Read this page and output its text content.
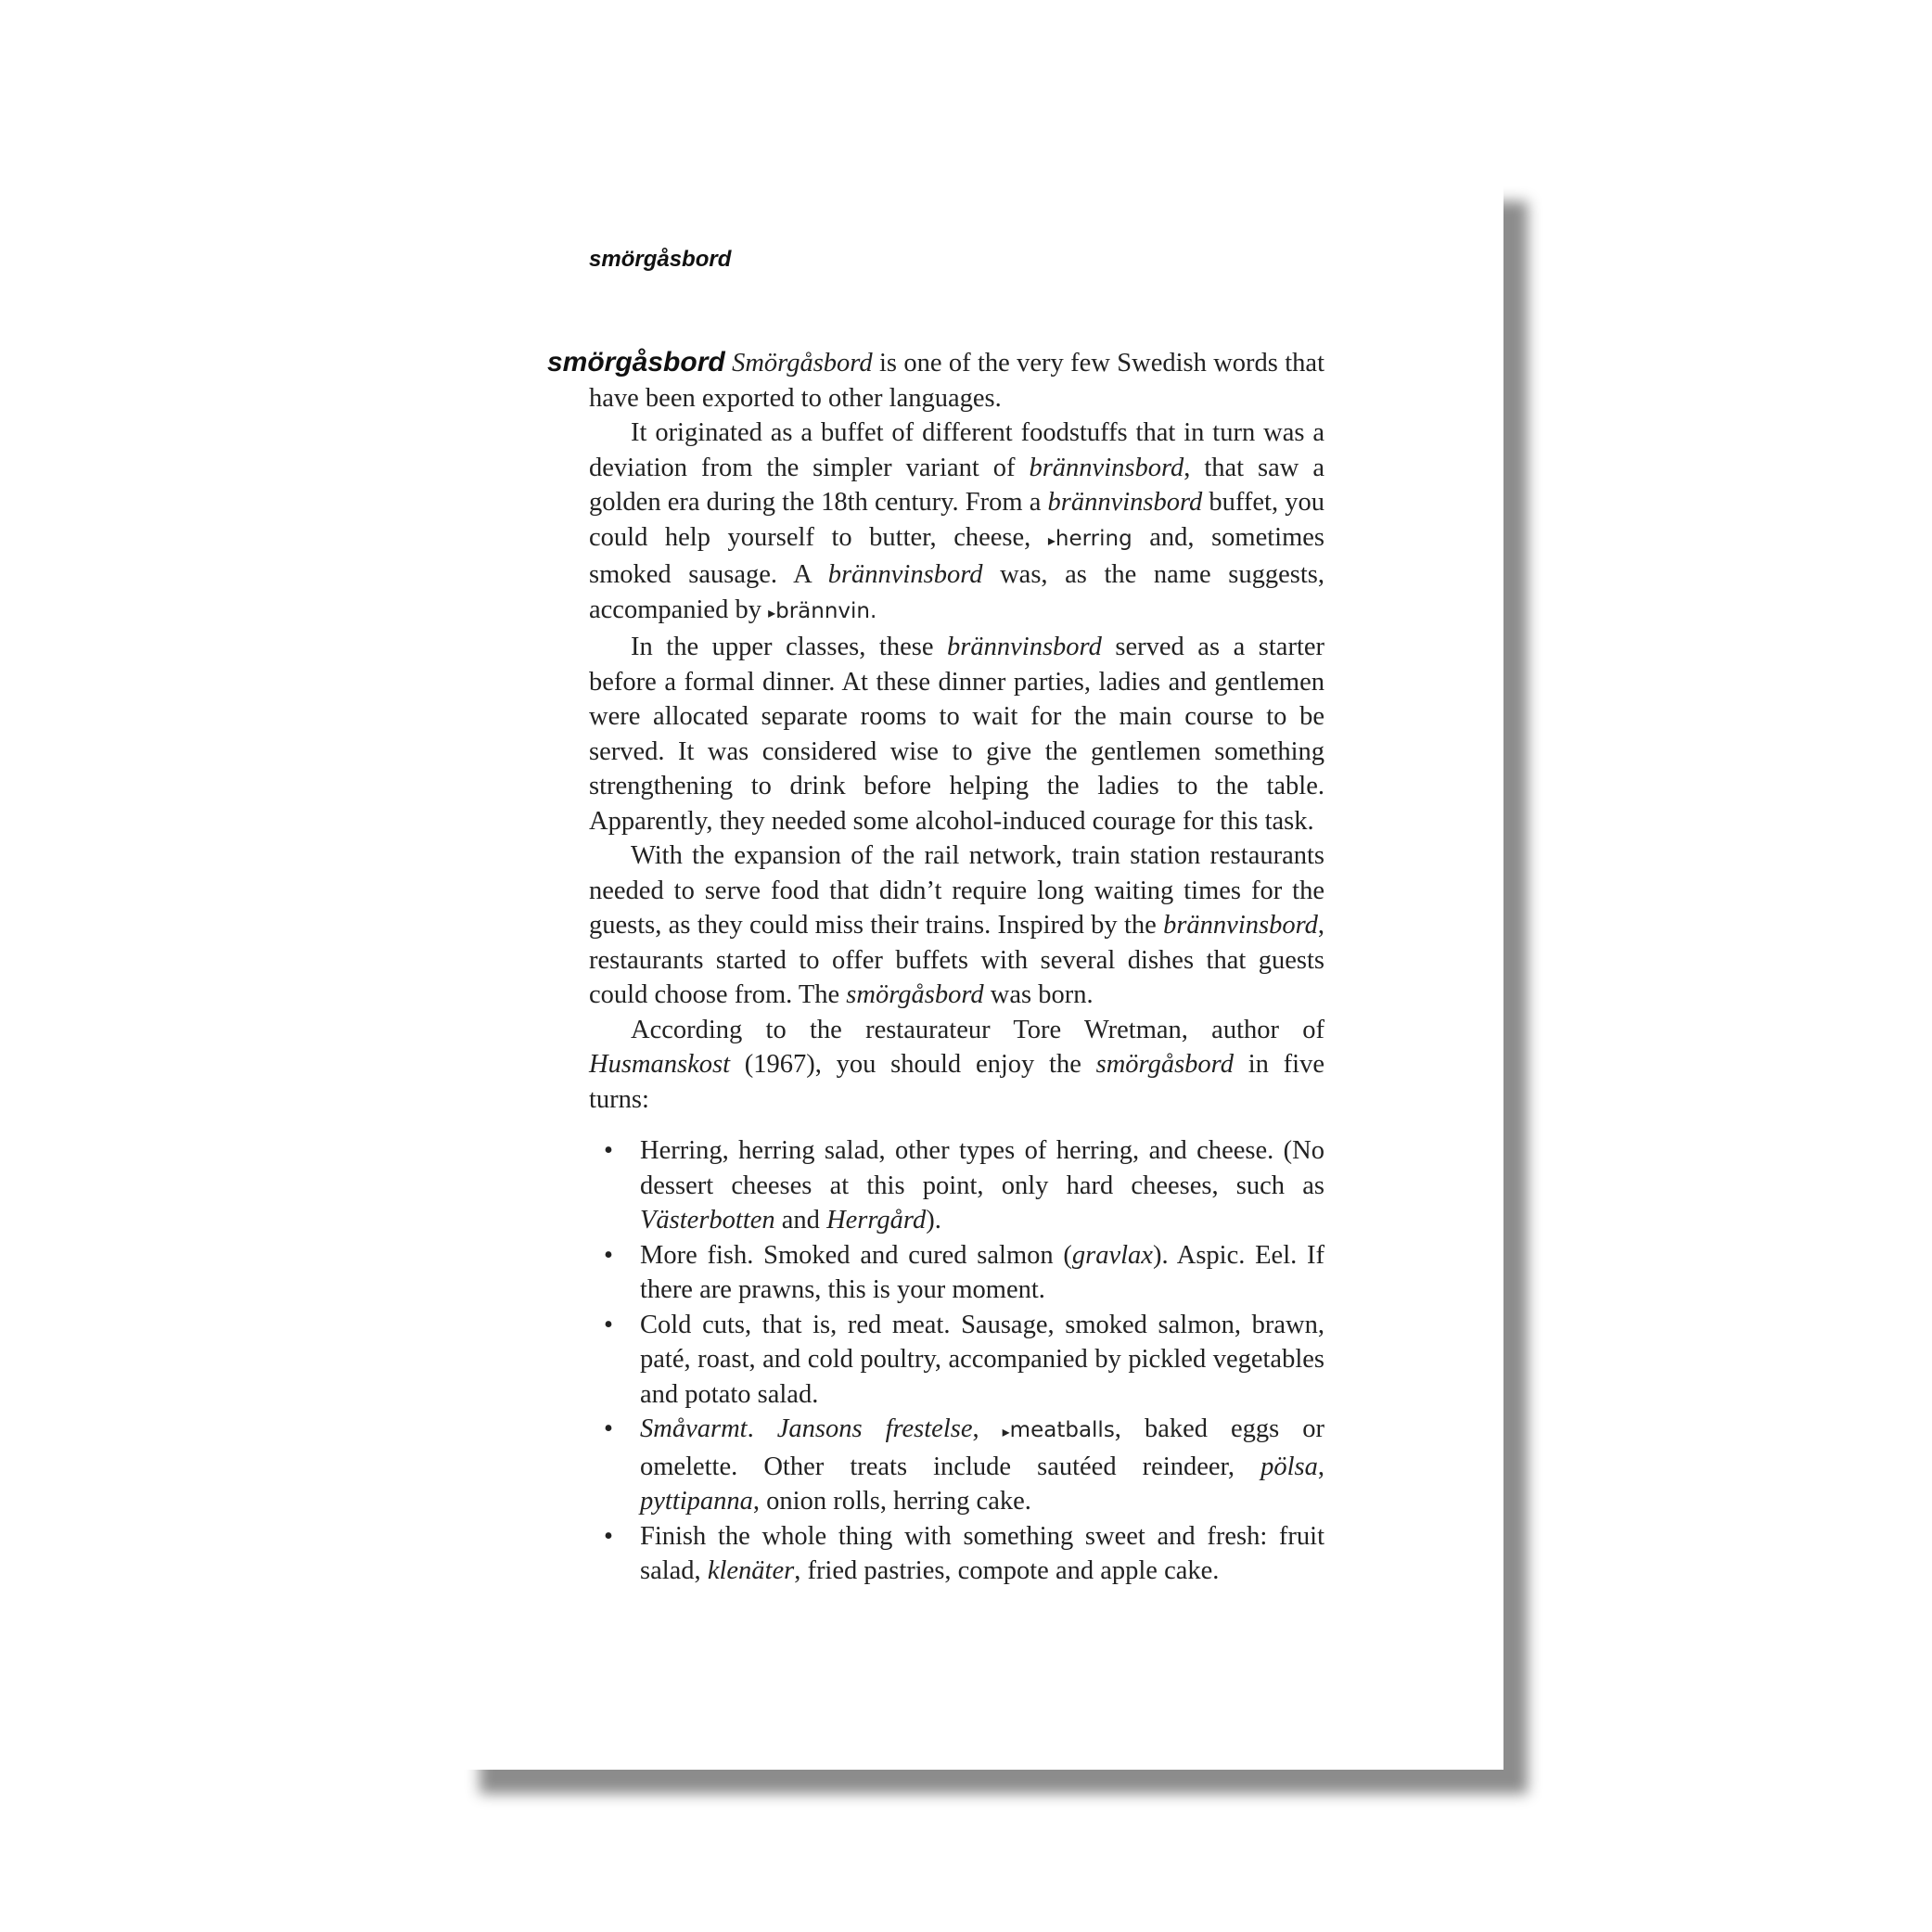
smörgåsbord

smörgåsbord Smörgåsbord is one of the very few Swedish words that have been exported to other languages.

It originated as a buffet of different foodstuffs that in turn was a deviation from the simpler variant of brännvinsbord, that saw a golden era during the 18th century. From a brännvinsbord buffet, you could help yourself to butter, cheese, ▸herring and, sometimes smoked sausage. A brännvinsbord was, as the name suggests, accompanied by ▸brännvin.

In the upper classes, these brännvinsbord served as a starter before a formal dinner. At these dinner parties, ladies and gentlemen were allocated separate rooms to wait for the main course to be served. It was considered wise to give the gentlemen something strengthening to drink before helping the ladies to the table. Apparently, they needed some alcohol-induced courage for this task.

With the expansion of the rail network, train station restaurants needed to serve food that didn’t require long waiting times for the guests, as they could miss their trains. Inspired by the brännvinsbord, restaurants started to offer buffets with several dishes that guests could choose from. The smörgåsbord was born.

According to the restaurateur Tore Wretman, author of Husmanskost (1967), you should enjoy the smörgåsbord in five turns:

• Herring, herring salad, other types of herring, and cheese. (No dessert cheeses at this point, only hard cheeses, such as Västerbotten and Herrgård).
• More fish. Smoked and cured salmon (gravlax). Aspic. Eel. If there are prawns, this is your moment.
• Cold cuts, that is, red meat. Sausage, smoked salmon, brawn, paté, roast, and cold poultry, accompanied by pickled vegetables and potato salad.
• Småvarmt. Jansons frestelse, ▸meatballs, baked eggs or omelette. Other treats include sautéed reindeer, pölsa, pyttipanna, onion rolls, herring cake.
• Finish the whole thing with something sweet and fresh: fruit salad, klenäter, fried pastries, compote and apple cake.
